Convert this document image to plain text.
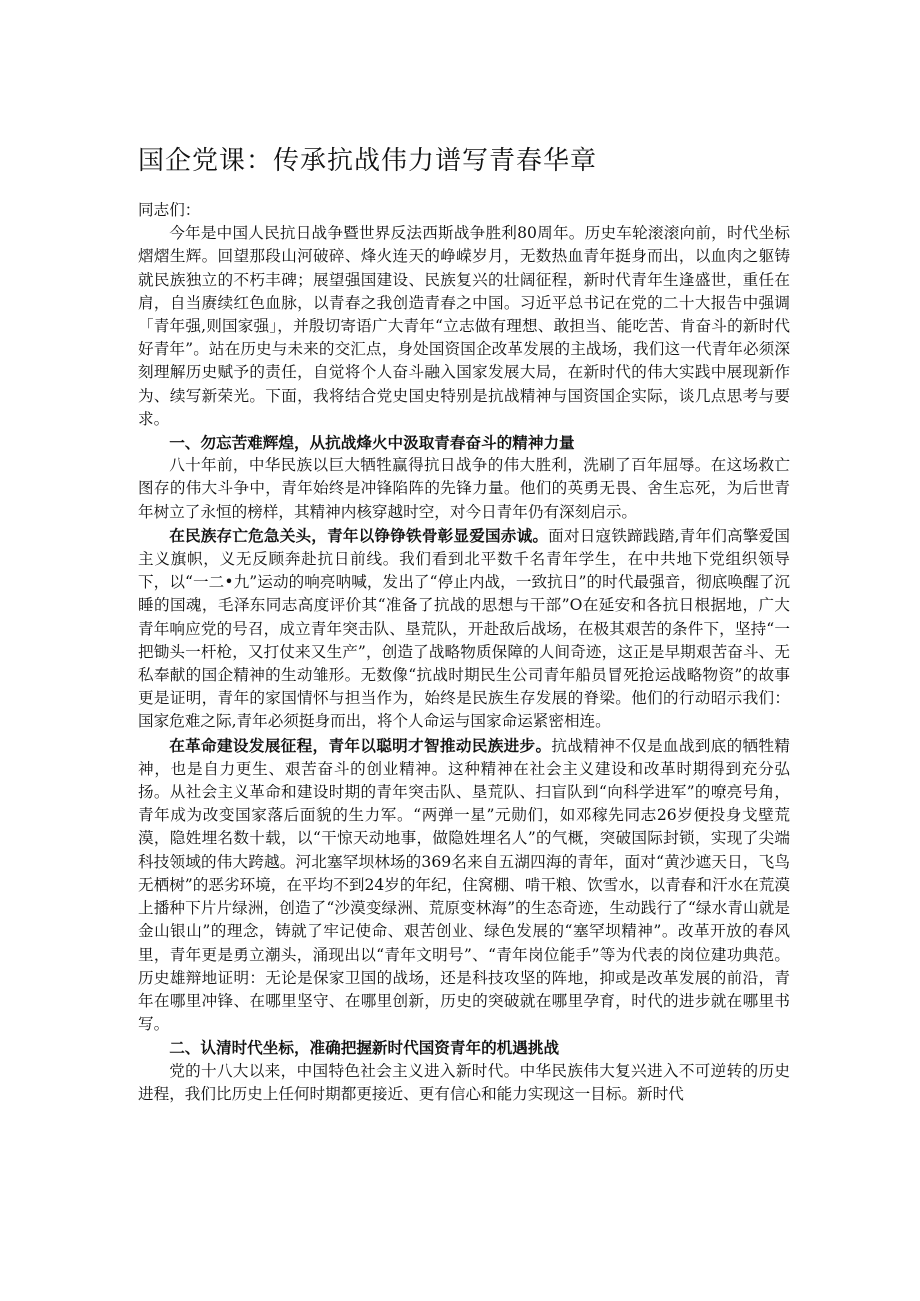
国企党课：传承抗战伟力谱写青春华章

同志们：

今年是中国人民抗日战争暨世界反法西斯战争胜利80周年。历史车轮滚滚向前，时代坐标熠熠生辉。回望那段山河破碎、烽火连天的峥嵘岁月，无数热血青年挺身而出，以血肉之躯铸就民族独立的不朽丰碑；展望强国建设、民族复兴的壮阔征程，新时代青年生逢盛世，重任在肩，自当赓续红色血脉，以青春之我创造青春之中国。习近平总书记在党的二十大报告中强调「青年强,则国家强」，并殷切寄语广大青年“立志做有理想、敢担当、能吃苦、肯奋斗的新时代好青年”。站在历史与未来的交汇点，身处国资国企改革发展的主战场，我们这一代青年必须深刻理解历史赋予的责任，自觉将个人奋斗融入国家发展大局，在新时代的伟大实践中展现新作为、续写新荣光。下面，我将结合党史国史特别是抗战精神与国资国企实际，谈几点思考与要求。

一、勿忘苦难辉煌，从抗战烽火中汲取青春奋斗的精神力量

八十年前，中华民族以巨大牺牲赢得抗日战争的伟大胜利，洗刷了百年屈辱。在这场救亡图存的伟大斗争中，青年始终是冲锋陷阵的先锋力量。他们的英勇无畏、舍生忘死，为后世青年树立了永恒的榜样，其精神内核穿越时空，对今日青年仍有深刻启示。

在民族存亡危急关头，青年以铮铮铁骨彰显爱国赤诚。面对日寇铁蹄践踏,青年们高擎爱国主义旗帜，义无反顾奔赴抗日前线。我们看到北平数千名青年学生，在中共地下党组织领导下，以“一二•九”运动的响亮呐喊，发出了“停止内战，一致抗日”的时代最强音，彻底唤醒了沉睡的国魂，毛泽东同志高度评价其“准备了抗战的思想与干部”O在延安和各抗日根据地，广大青年响应党的号召，成立青年突击队、垦荒队，开赴敌后战场，在极其艰苦的条件下，坚持“一把锄头一杆枪，又打仗来又生产”，创造了战略物质保障的人间奇迹，这正是早期艰苦奋斗、无私奉献的国企精神的生动雏形。无数像“抗战时期民生公司青年船员冒死抢运战略物资”的故事更是证明，青年的家国情怀与担当作为，始终是民族生存发展的脊梁。他们的行动昭示我们：国家危难之际,青年必须挺身而出，将个人命运与国家命运紧密相连。

在革命建设发展征程，青年以聪明才智推动民族进步。抗战精神不仅是血战到底的牺牲精神，也是自力更生、艰苦奋斗的创业精神。这种精神在社会主义建设和改革时期得到充分弘扬。从社会主义革命和建设时期的青年突击队、垦荒队、扫盲队到“向科学进军”的嘹亮号角，青年成为改变国家落后面貌的生力军。“两弹一星”元勋们，如邓稼先同志26岁便投身戈壁荒漠，隐姓埋名数十载，以“干惊天动地事，做隐姓埋名人”的气概，突破国际封锁，实现了尖端科技领域的伟大跨越。河北塞罕坝林场的369名来自五湖四海的青年，面对“黄沙遮天日，飞鸟无栖树”的恶劣环境，在平均不到24岁的年纪，住窝棚、啃干粮、饮雪水，以青春和汗水在荒漠上播种下片片绿洲，创造了“沙漠变绿洲、荒原变林海”的生态奇迹，生动践行了“绿水青山就是金山银山”的理念，铸就了牢记使命、艰苦创业、绿色发展的“塞罕坝精神”。改革开放的春风里，青年更是勇立潮头，涌现出以“青年文明号”、“青年岗位能手”等为代表的岗位建功典范。历史雄辩地证明：无论是保家卫国的战场，还是科技攻坚的阵地，抑或是改革发展的前沿，青年在哪里冲锋、在哪里坚守、在哪里创新，历史的突破就在哪里孕育，时代的进步就在哪里书写。

二、认清时代坐标，准确把握新时代国资青年的机遇挑战

党的十八大以来，中国特色社会主义进入新时代。中华民族伟大复兴进入不可逆转的历史进程，我们比历史上任何时期都更接近、更有信心和能力实现这一目标。新时代
